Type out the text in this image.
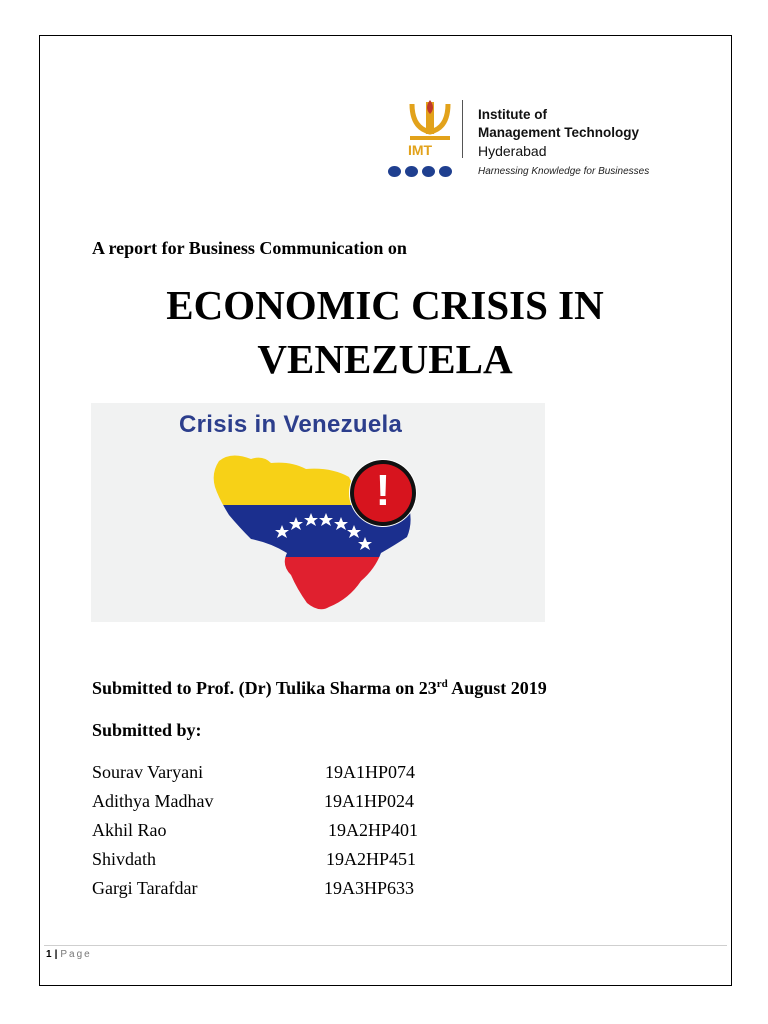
IMT
Institute of
Management Technology
Hyderabad
Harnessing Knowledge for Businesses
A report for Business Communication on
ECONOMIC CRISIS IN
VENEZUELA
!
Crisis in Venezuela
Submitted to Prof. (Dr) Tulika Sharma on 23rd August 2019
Submitted by:
Sourav Varyani	19A1HP074
Adithya Madhav	19A1HP024
Akhil Rao	19A2HP401
Shivdath	19A2HP451
Gargi Tarafdar	19A3HP633
1 | Page
